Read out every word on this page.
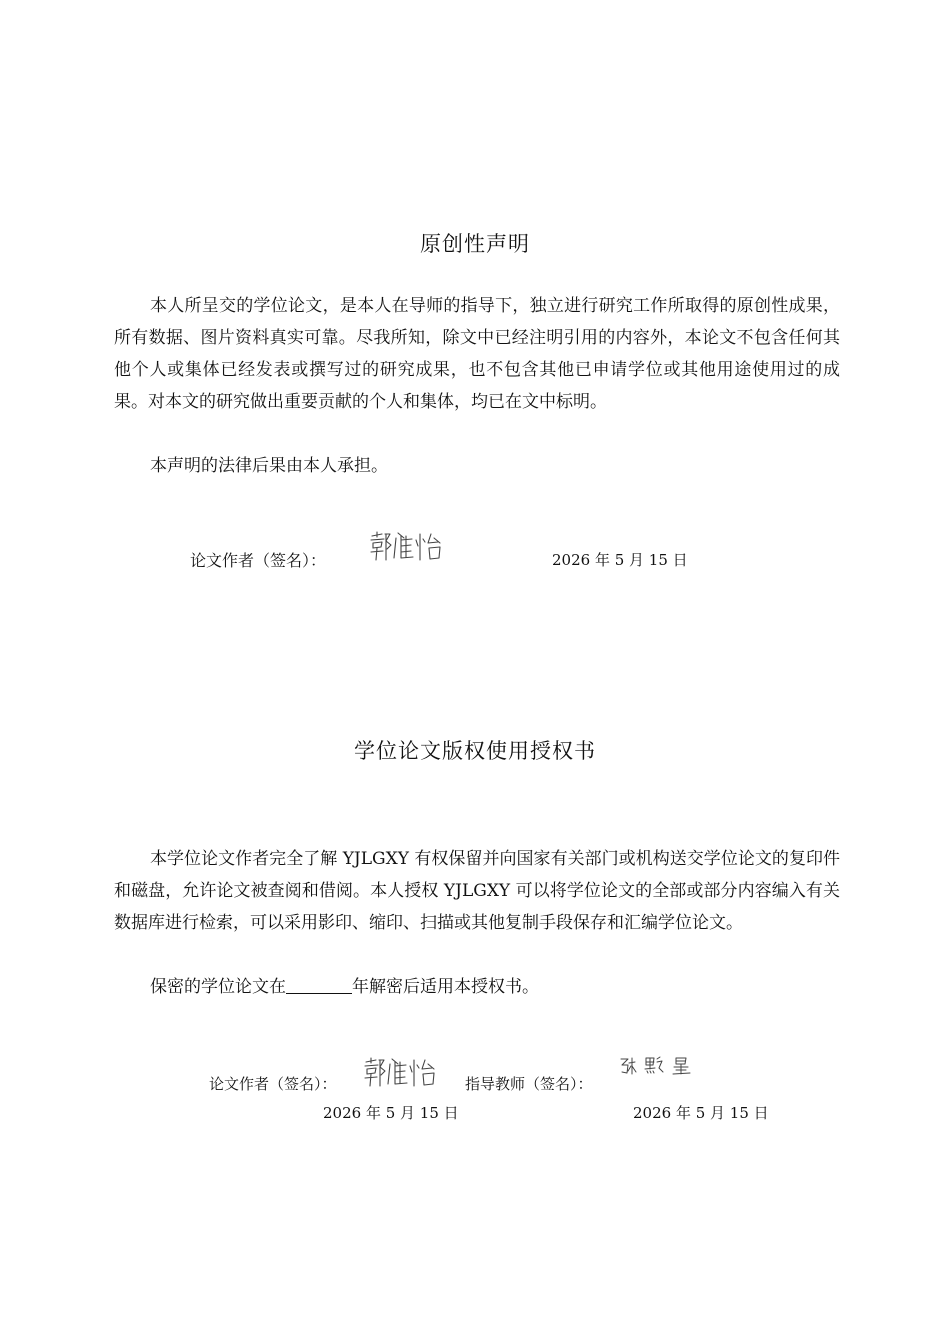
原创性声明

本人所呈交的学位论文，是本人在导师的指导下，独立进行研究工作所取得的原创性成果，所有数据、图片资料真实可靠。尽我所知，除文中已经注明引用的内容外，本论文不包含任何其他个人或集体已经发表或撰写过的研究成果，也不包含其他已申请学位或其他用途使用过的成果。对本文的研究做出重要贡献的个人和集体，均已在文中标明。

本声明的法律后果由本人承担。

论文作者（签名）：	2026 年 5 月 15 日
学位论文版权使用授权书

本学位论文作者完全了解 YJLGXY 有权保留并向国家有关部门或机构送交学位论文的复印件和磁盘，允许论文被查阅和借阅。本人授权 YJLGXY 可以将学位论文的全部或部分内容编入有关数据库进行检索，可以采用影印、缩印、扫描或其他复制手段保存和汇编学位论文。

保密的学位论文在	年解密后适用本授权书。

论文作者（签名）：	指导教师（签名）：
2026 年 5 月 15 日	2026 年 5 月 15 日
